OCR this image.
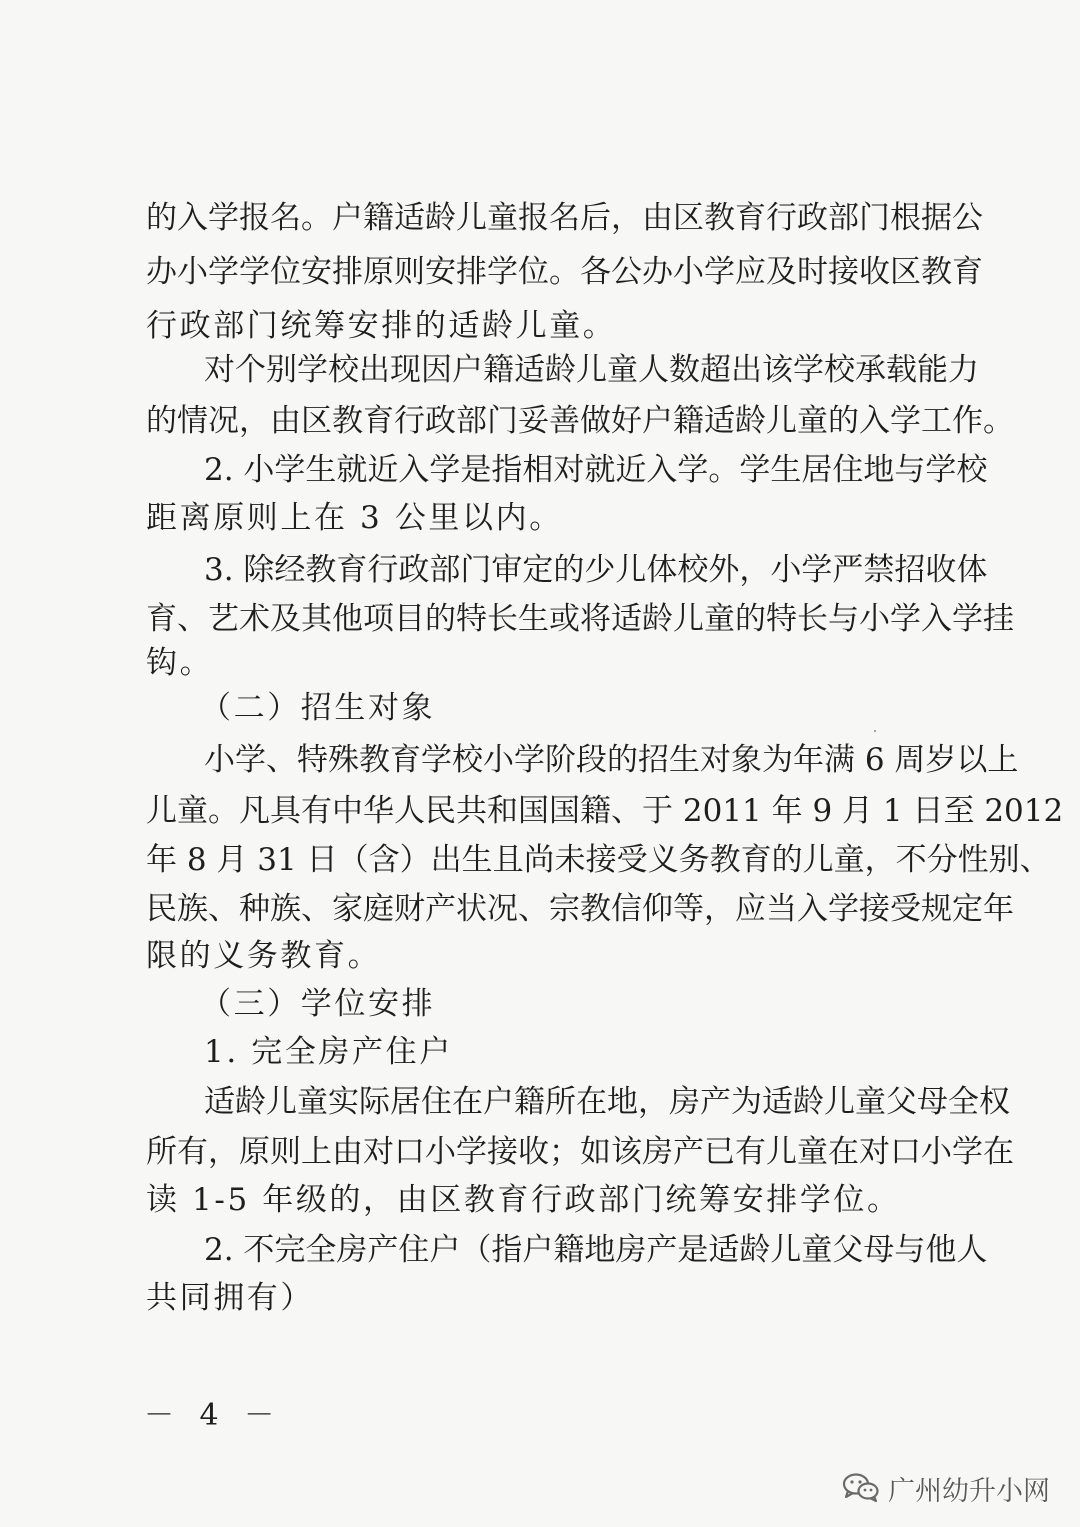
的入学报名。户籍适龄儿童报名后，由区教育行政部门根据公
办小学学位安排原则安排学位。各公办小学应及时接收区教育
行政部门统筹安排的适龄儿童。
对个别学校出现因户籍适龄儿童人数超出该学校承载能力
的情况，由区教育行政部门妥善做好户籍适龄儿童的入学工作。
2. 小学生就近入学是指相对就近入学。学生居住地与学校
距离原则上在 3 公里以内。
3. 除经教育行政部门审定的少儿体校外，小学严禁招收体
育、艺术及其他项目的特长生或将适龄儿童的特长与小学入学挂
钩。
（二）招生对象
小学、特殊教育学校小学阶段的招生对象为年满 6 周岁以上
儿童。凡具有中华人民共和国国籍、于 2011 年 9 月 1 日至 2012
年 8 月 31 日（含）出生且尚未接受义务教育的儿童，不分性别、
民族、种族、家庭财产状况、宗教信仰等，应当入学接受规定年
限的义务教育。
（三）学位安排
1. 完全房产住户
适龄儿童实际居住在户籍所在地，房产为适龄儿童父母全权
所有，原则上由对口小学接收；如该房产已有儿童在对口小学在
读 1-5 年级的，由区教育行政部门统筹安排学位。
2. 不完全房产住户（指户籍地房产是适龄儿童父母与他人
共同拥有）
－ 4 －
广州幼升小网
